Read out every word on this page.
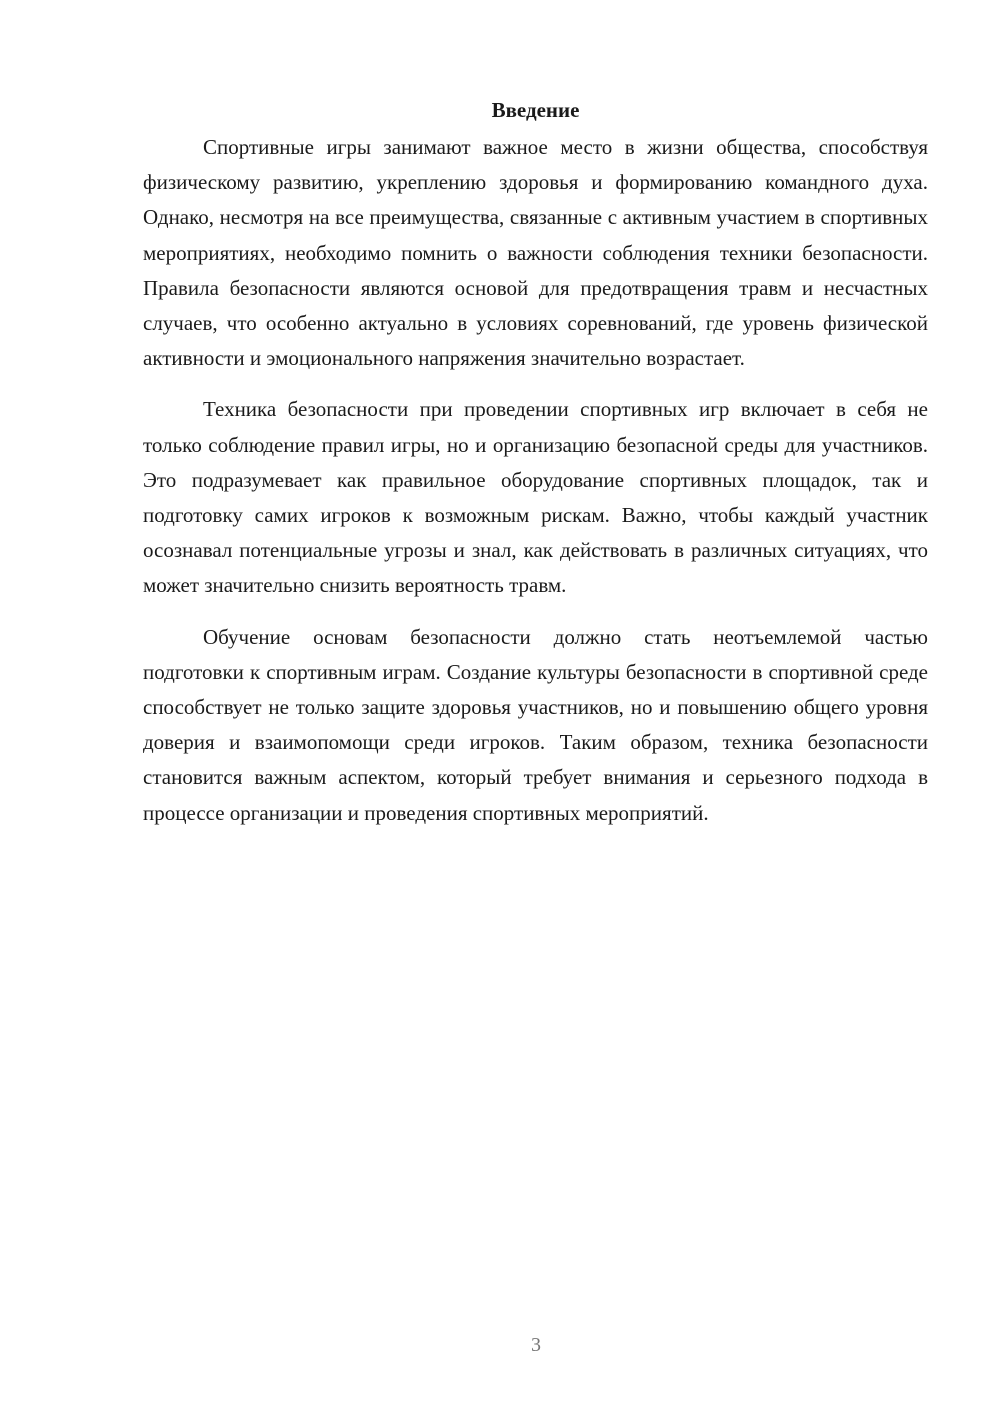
Введение

Спортивные игры занимают важное место в жизни общества, способствуя физическому развитию, укреплению здоровья и формированию командного духа. Однако, несмотря на все преимущества, связанные с активным участием в спортивных мероприятиях, необходимо помнить о важности соблюдения техники безопасности. Правила безопасности являются основой для предотвращения травм и несчастных случаев, что особенно актуально в условиях соревнований, где уровень физической активности и эмоционального напряжения значительно возрастает.

Техника безопасности при проведении спортивных игр включает в себя не только соблюдение правил игры, но и организацию безопасной среды для участников. Это подразумевает как правильное оборудование спортивных площадок, так и подготовку самих игроков к возможным рискам. Важно, чтобы каждый участник осознавал потенциальные угрозы и знал, как действовать в различных ситуациях, что может значительно снизить вероятность травм.

Обучение основам безопасности должно стать неотъемлемой частью подготовки к спортивным играм. Создание культуры безопасности в спортивной среде способствует не только защите здоровья участников, но и повышению общего уровня доверия и взаимопомощи среди игроков. Таким образом, техника безопасности становится важным аспектом, который требует внимания и серьезного подхода в процессе организации и проведения спортивных мероприятий.

3
